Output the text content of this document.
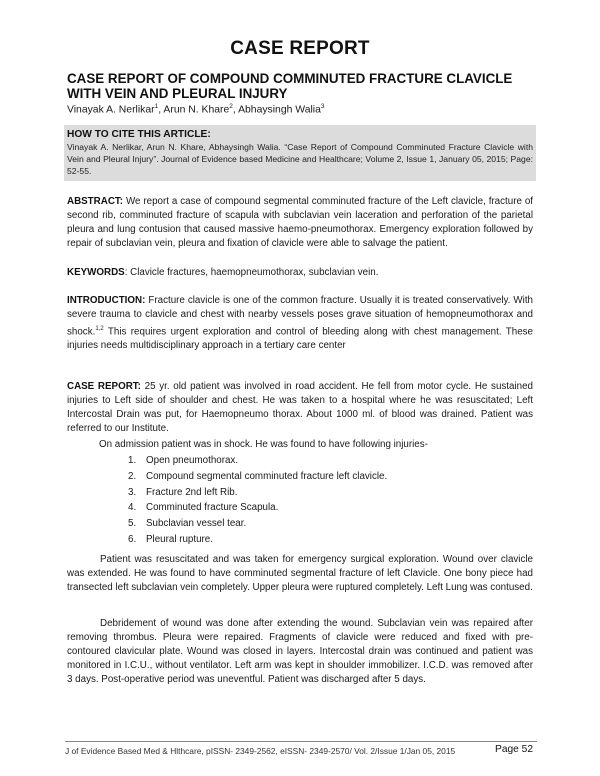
CASE REPORT
CASE REPORT OF COMPOUND COMMINUTED FRACTURE CLAVICLE WITH VEIN AND PLEURAL INJURY
Vinayak A. Nerlikar$^1$, Arun N. Khare$^2$, Abhaysingh Walia$^3$
HOW TO CITE THIS ARTICLE:
Vinayak A. Nerlikar, Arun N. Khare, Abhaysingh Walia. “Case Report of Compound Comminuted Fracture Clavicle with Vein and Pleural Injury”. Journal of Evidence based Medicine and Healthcare; Volume 2, Issue 1, January 05, 2015; Page: 52-55.
ABSTRACT: We report a case of compound segmental comminuted fracture of the Left clavicle, fracture of second rib, comminuted fracture of scapula with subclavian vein laceration and perforation of the parietal pleura and lung contusion that caused massive haemo-pneumothorax. Emergency exploration followed by repair of subclavian vein, pleura and fixation of clavicle were able to salvage the patient.
KEYWORDS: Clavicle fractures, haemopneumothorax, subclavian vein.
INTRODUCTION: Fracture clavicle is one of the common fracture. Usually it is treated conservatively. With severe trauma to clavicle and chest with nearby vessels poses grave situation of hemopneumothorax and shock.$^{1,2}$ This requires urgent exploration and control of bleeding along with chest management. These injuries needs multidisciplinary approach in a tertiary care center
CASE REPORT: 25 yr. old patient was involved in road accident. He fell from motor cycle. He sustained injuries to Left side of shoulder and chest. He was taken to a hospital where he was resuscitated; Left Intercostal Drain was put, for Haemopneumo thorax. About 1000 ml. of blood was drained. Patient was referred to our Institute.
On admission patient was in shock. He was found to have following injuries-
1. Open pneumothorax.
2. Compound segmental comminuted fracture left clavicle.
3. Fracture 2nd left Rib.
4. Comminuted fracture Scapula.
5. Subclavian vessel tear.
6. Pleural rupture.
Patient was resuscitated and was taken for emergency surgical exploration. Wound over clavicle was extended. He was found to have comminuted segmental fracture of left Clavicle. One bony piece had transected left subclavian vein completely. Upper pleura were ruptured completely. Left Lung was contused.
Debridement of wound was done after extending the wound. Subclavian vein was repaired after removing thrombus. Pleura were repaired. Fragments of clavicle were reduced and fixed with pre-contoured clavicular plate. Wound was closed in layers. Intercostal drain was continued and patient was monitored in I.C.U., without ventilator. Left arm was kept in shoulder immobilizer. I.C.D. was removed after 3 days. Post-operative period was uneventful. Patient was discharged after 5 days.
J of Evidence Based Med & Hlthcare, pISSN- 2349-2562, eISSN- 2349-2570/ Vol. 2/Issue 1/Jan 05, 2015	Page 52
